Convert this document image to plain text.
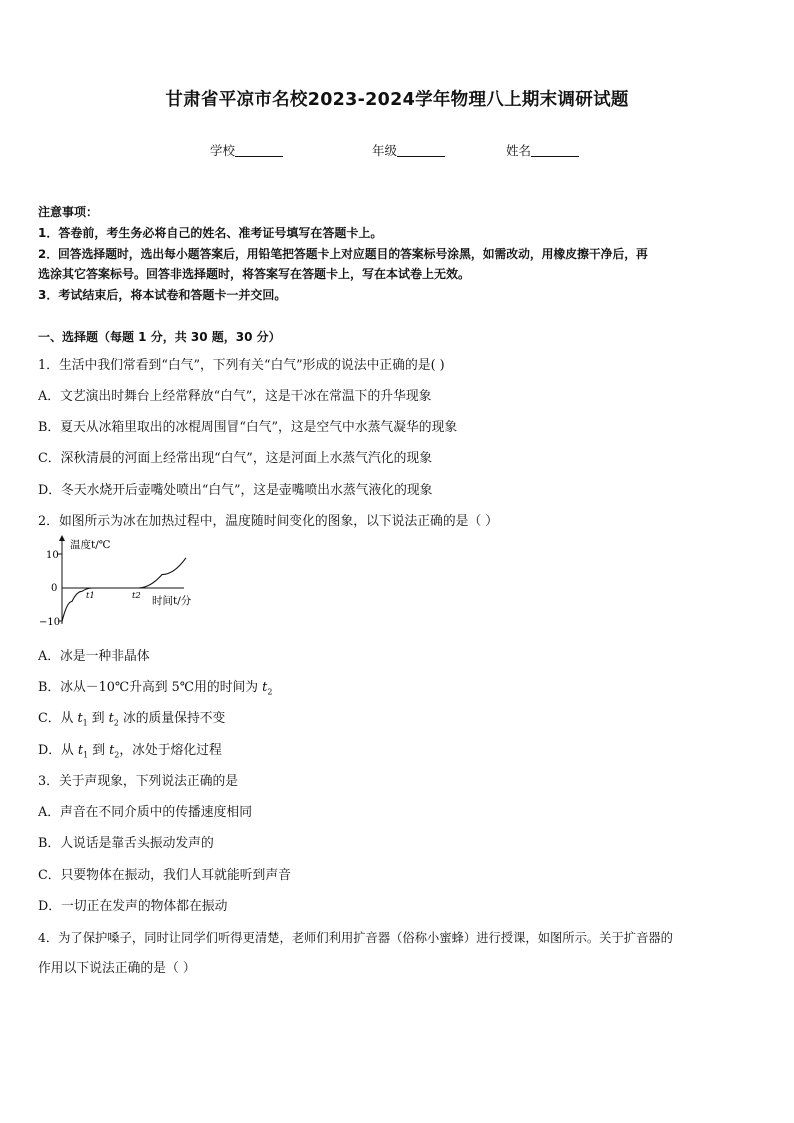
甘肃省平凉市名校2023-2024学年物理八上期末调研试题
学校	年级	姓名
注意事项：
1．答卷前，考生务必将自己的姓名、准考证号填写在答题卡上。
2．回答选择题时，选出每小题答案后，用铅笔把答题卡上对应题目的答案标号涂黑，如需改动，用橡皮擦干净后，再
选涂其它答案标号。回答非选择题时，将答案写在答题卡上，写在本试卷上无效。
3．考试结束后，将本试卷和答题卡一并交回。
一、选择题（每题 1 分，共 30 题，30 分）
1．生活中我们常看到“白气”，下列有关“白气”形成的说法中正确的是( )
A．文艺演出时舞台上经常释放“白气”，这是干冰在常温下的升华现象
B．夏天从冰箱里取出的冰棍周围冒“白气”，这是空气中水蒸气凝华的现象
C．深秋清晨的河面上经常出现“白气”，这是河面上水蒸气汽化的现象
D．冬天水烧开后壶嘴处喷出“白气”，这是壶嘴喷出水蒸气液化的现象
2．如图所示为冰在加热过程中，温度随时间变化的图象，以下说法正确的是（ ）
温度t/℃
时间t/分
10
0
−10
t1	t2
A．冰是一种非晶体
B．冰从－10℃升高到 5℃用的时间为 $t_2$
C．从 $t_1$ 到 $t_2$ 冰的质量保持不变
D．从 $t_1$ 到 $t_2$，冰处于熔化过程
3．关于声现象，下列说法正确的是
A．声音在不同介质中的传播速度相同
B．人说话是靠舌头振动发声的
C．只要物体在振动，我们人耳就能听到声音
D．一切正在发声的物体都在振动
4．为了保护嗓子，同时让同学们听得更清楚，老师们利用扩音器（俗称小蜜蜂）进行授课，如图所示。关于扩音器的
作用以下说法正确的是（ ）
